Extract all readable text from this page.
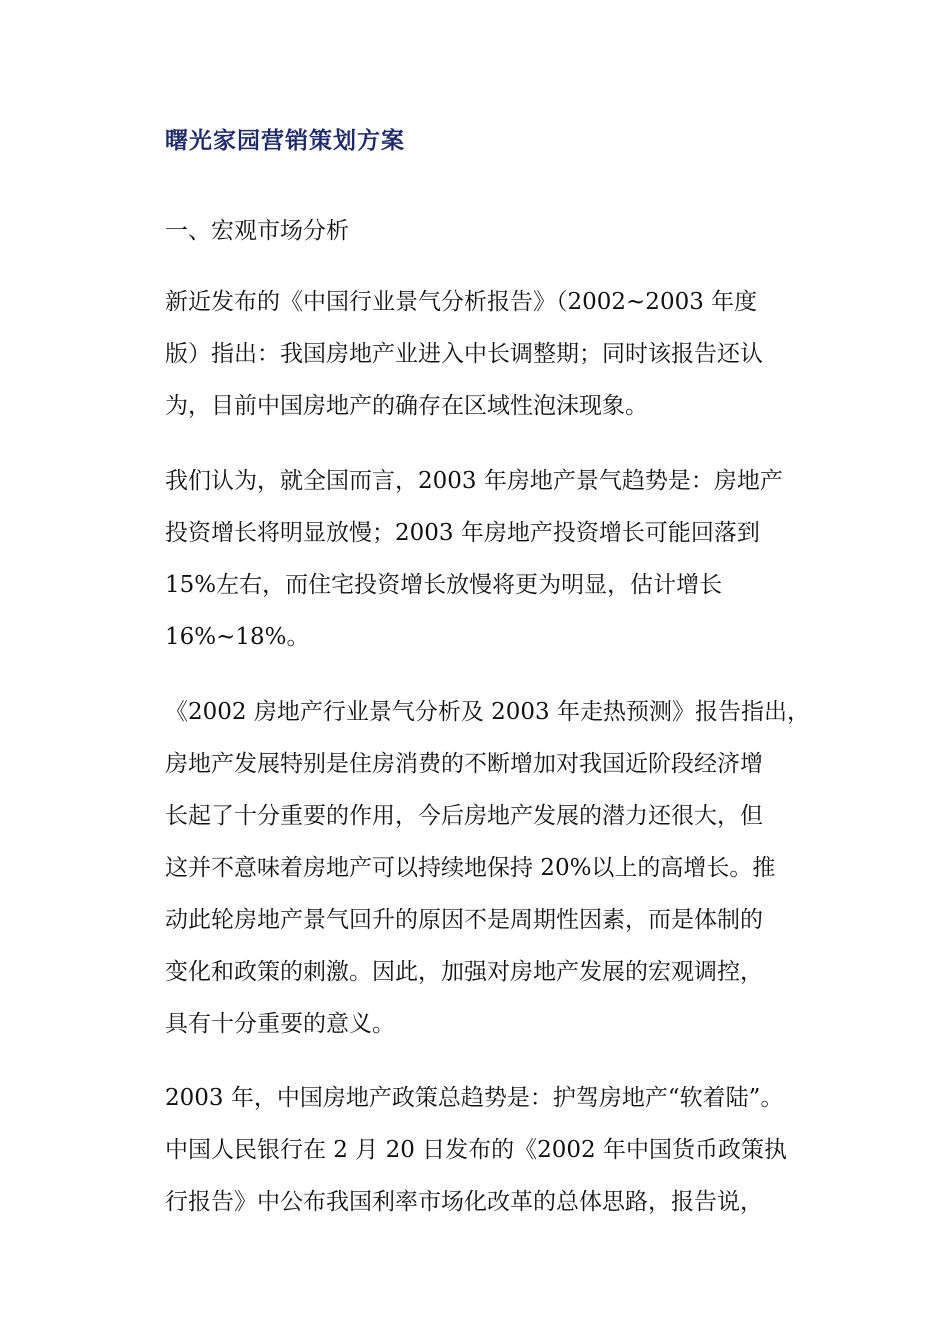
曙光家园营销策划方案
一、宏观市场分析
新近发布的《中国行业景气分析报告》（2002~2003 年度
版）指出：我国房地产业进入中长调整期；同时该报告还认
为，目前中国房地产的确存在区域性泡沫现象。
我们认为，就全国而言，2003 年房地产景气趋势是：房地产
投资增长将明显放慢；2003 年房地产投资增长可能回落到
15%左右，而住宅投资增长放慢将更为明显，估计增长
16%~18%。
《2002 房地产行业景气分析及 2003 年走热预测》报告指出，
房地产发展特别是住房消费的不断增加对我国近阶段经济增
长起了十分重要的作用，今后房地产发展的潜力还很大，但
这并不意味着房地产可以持续地保持 20%以上的高增长。推
动此轮房地产景气回升的原因不是周期性因素，而是体制的
变化和政策的刺激。因此，加强对房地产发展的宏观调控，
具有十分重要的意义。
2003 年，中国房地产政策总趋势是：护驾房地产“软着陆”。
中国人民银行在 2 月 20 日发布的《2002 年中国货币政策执
行报告》中公布我国利率市场化改革的总体思路，报告说，
